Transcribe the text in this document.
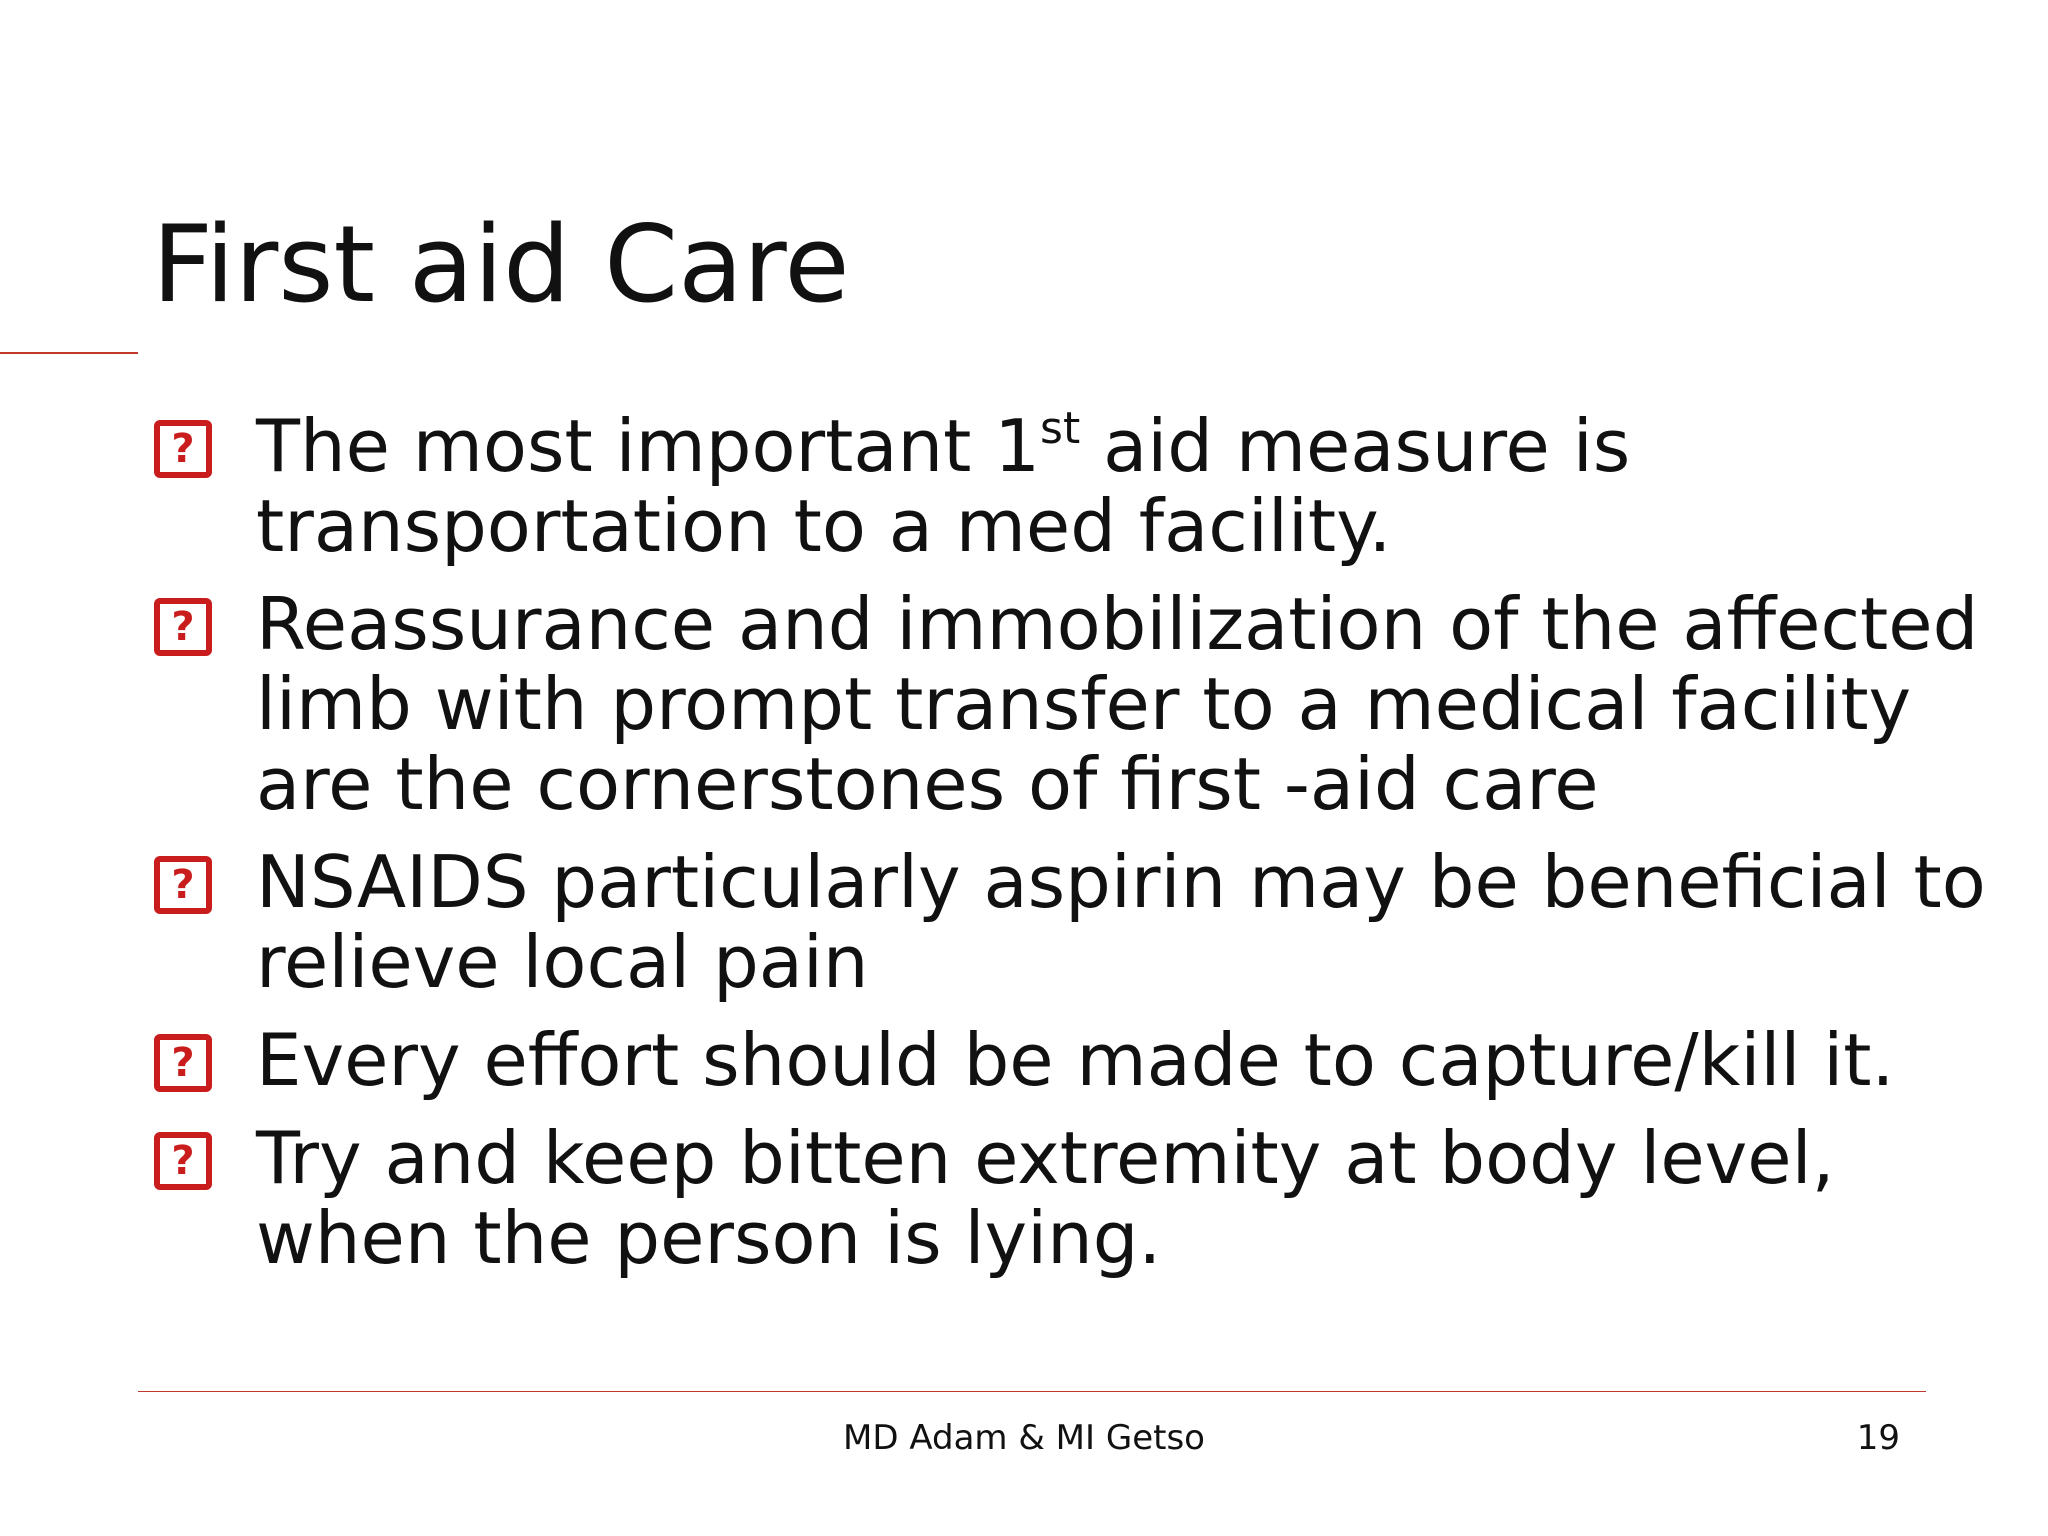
First aid Care
? The most important 1st aid measure is transportation to a med facility.
? Reassurance and immobilization of the affected limb with prompt transfer to a medical facility are the cornerstones of first -aid care
? NSAIDS particularly aspirin may be beneficial to relieve local pain
? Every effort should be made to capture/kill it.
? Try and keep bitten extremity at body level, when the person is lying.
MD Adam & MI Getso	19
